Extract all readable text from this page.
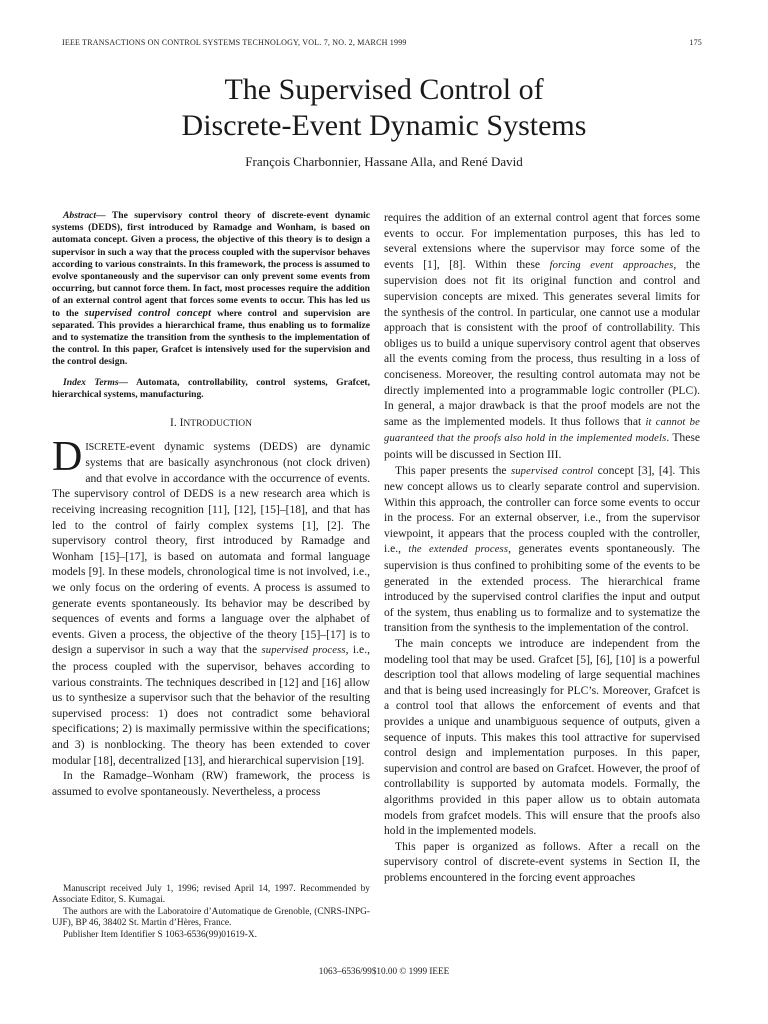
IEEE TRANSACTIONS ON CONTROL SYSTEMS TECHNOLOGY, VOL. 7, NO. 2, MARCH 1999	175
The Supervised Control of
Discrete-Event Dynamic Systems
François Charbonnier, Hassane Alla, and René David

Abstract— The supervisory control theory of discrete-event dynamic systems (DEDS), first introduced by Ramadge and Wonham, is based on automata concept. Given a process, the objective of this theory is to design a supervisor in such a way that the process coupled with the supervisor behaves according to various constraints. In this framework, the process is assumed to evolve spontaneously and the supervisor can only prevent some events from occurring, but cannot force them. In fact, most processes require the addition of an external control agent that forces some events to occur. This has led us to the supervised control concept where control and supervision are separated. This provides a hierarchical frame, thus enabling us to formalize and to systematize the transition from the synthesis to the implementation of the control. In this paper, Grafcet is intensively used for the supervision and the control design.

Index Terms— Automata, controllability, control systems, Grafcet, hierarchical systems, manufacturing.

I. INTRODUCTION

DISCRETE-event dynamic systems (DEDS) are dynamic systems that are basically asynchronous (not clock driven) and that evolve in accordance with the occurrence of events. The supervisory control of DEDS is a new research area which is receiving increasing recognition [11], [12], [15]–[18], and that has led to the control of fairly complex systems [1], [2]. The supervisory control theory, first introduced by Ramadge and Wonham [15]–[17], is based on automata and formal language models [9]. In these models, chronological time is not involved, i.e., we only focus on the ordering of events. A process is assumed to generate events spontaneously. Its behavior may be described by sequences of events and forms a language over the alphabet of events. Given a process, the objective of the theory [15]–[17] is to design a supervisor in such a way that the supervised process, i.e., the process coupled with the supervisor, behaves according to various constraints. The techniques described in [12] and [16] allow us to synthesize a supervisor such that the behavior of the resulting supervised process: 1) does not contradict some behavioral specifications; 2) is maximally permissive within the specifications; and 3) is nonblocking. The theory has been extended to cover modular [18], decentralized [13], and hierarchical supervision [19].

In the Ramadge–Wonham (RW) framework, the process is assumed to evolve spontaneously. Nevertheless, a process

Manuscript received July 1, 1996; revised April 14, 1997. Recommended by Associate Editor, S. Kumagai.

The authors are with the Laboratoire d’Automatique de Grenoble, (CNRS-INPG-UJF), BP 46, 38402 St. Martin d’Hères, France.

Publisher Item Identifier S 1063-6536(99)01619-X.

requires the addition of an external control agent that forces some events to occur. For implementation purposes, this has led to several extensions where the supervisor may force some of the events [1], [8]. Within these forcing event approaches, the supervision does not fit its original function and control and supervision concepts are mixed. This generates several limits for the synthesis of the control. In particular, one cannot use a modular approach that is consistent with the proof of controllability. This obliges us to build a unique supervisory control agent that observes all the events coming from the process, thus resulting in a loss of conciseness. Moreover, the resulting control automata may not be directly implemented into a programmable logic controller (PLC). In general, a major drawback is that the proof models are not the same as the implemented models. It thus follows that it cannot be guaranteed that the proofs also hold in the implemented models. These points will be discussed in Section III.

This paper presents the supervised control concept [3], [4]. This new concept allows us to clearly separate control and supervision. Within this approach, the controller can force some events to occur in the process. For an external observer, i.e., from the supervisor viewpoint, it appears that the process coupled with the controller, i.e., the extended process, generates events spontaneously. The supervision is thus confined to prohibiting some of the events to be generated in the extended process. The hierarchical frame introduced by the supervised control clarifies the input and output of the system, thus enabling us to formalize and to systematize the transition from the synthesis to the implementation of the control.

The main concepts we introduce are independent from the modeling tool that may be used. Grafcet [5], [6], [10] is a powerful description tool that allows modeling of large sequential machines and that is being used increasingly for PLC’s. Moreover, Grafcet is a control tool that allows the enforcement of events and that provides a unique and unambiguous sequence of outputs, given a sequence of inputs. This makes this tool attractive for supervised control design and implementation purposes. In this paper, supervision and control are based on Grafcet. However, the proof of controllability is supported by automata models. Formally, the algorithms provided in this paper allow us to obtain automata models from grafcet models. This will ensure that the proofs also hold in the implemented models.

This paper is organized as follows. After a recall on the supervisory control of discrete-event systems in Section II, the problems encountered in the forcing event approaches

1063–6536/99$10.00 © 1999 IEEE
